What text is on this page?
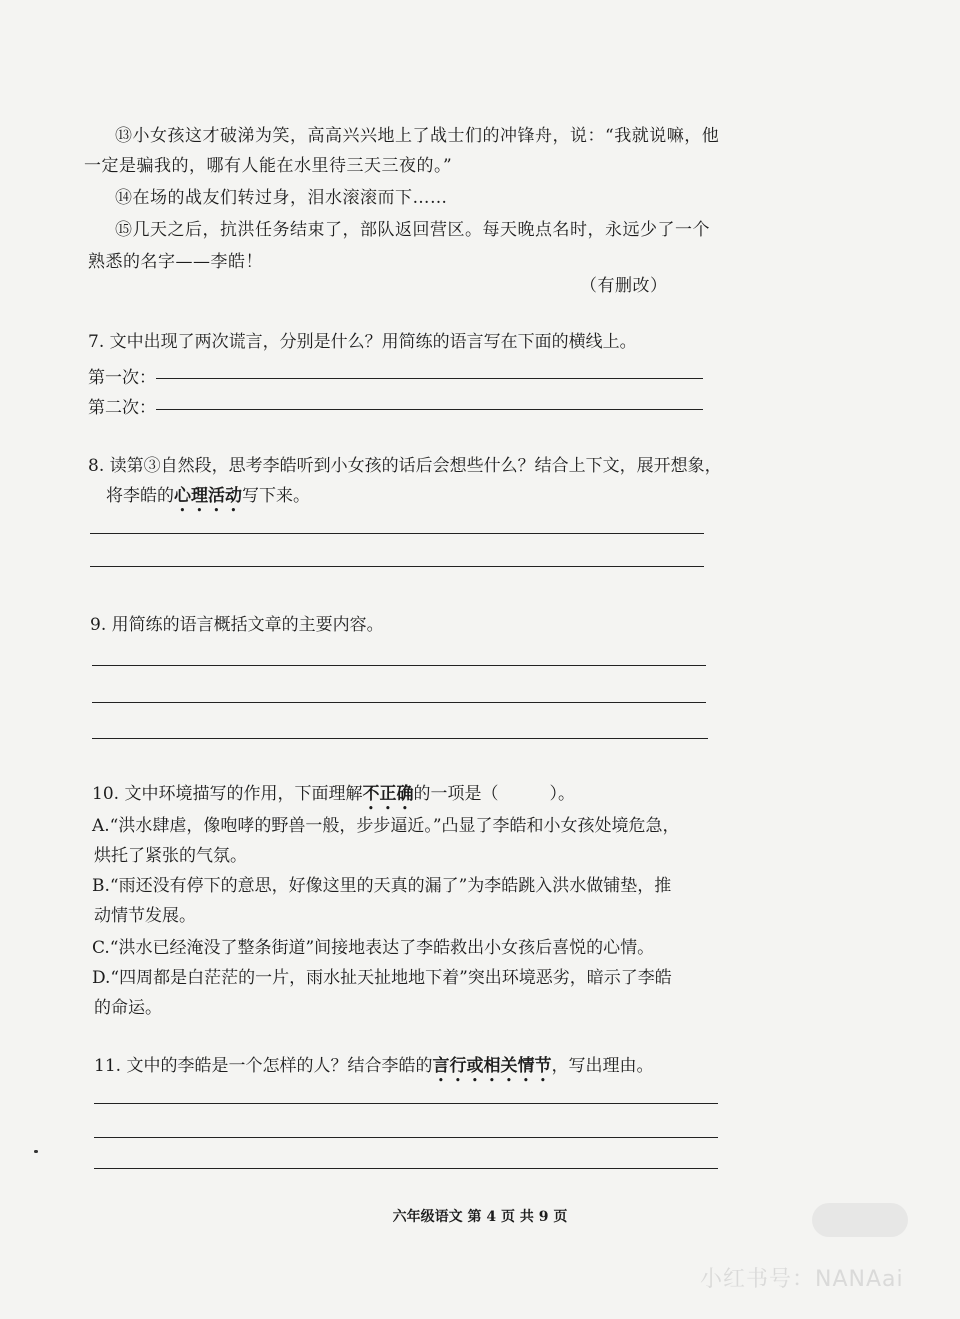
⑬小女孩这才破涕为笑，高高兴兴地上了战士们的冲锋舟，说：“我就说嘛，他
一定是骗我的，哪有人能在水里待三天三夜的。”
⑭在场的战友们转过身，泪水滚滚而下……
⑮几天之后，抗洪任务结束了，部队返回营区。每天晚点名时，永远少了一个
熟悉的名字——李皓！
（有删改）
7. 文中出现了两次谎言，分别是什么？用简练的语言写在下面的横线上。
第一次：
第二次：
8. 读第③自然段，思考李皓听到小女孩的话后会想些什么？结合上下文，展开想象，
将李皓的心理活动写下来。
9. 用简练的语言概括文章的主要内容。
10. 文中环境描写的作用，下面理解不正确的一项是（　　　）。
A.“洪水肆虐，像咆哮的野兽一般，步步逼近。”凸显了李皓和小女孩处境危急，
烘托了紧张的气氛。
B.“雨还没有停下的意思，好像这里的天真的漏了”为李皓跳入洪水做铺垫，推
动情节发展。
C.“洪水已经淹没了整条街道”间接地表达了李皓救出小女孩后喜悦的心情。
D.“四周都是白茫茫的一片，雨水扯天扯地地下着”突出环境恶劣，暗示了李皓
的命运。
11. 文中的李皓是一个怎样的人？结合李皓的言行或相关情节，写出理由。
六年级语文 第 4 页 共 9 页
小红书号：NANAai
